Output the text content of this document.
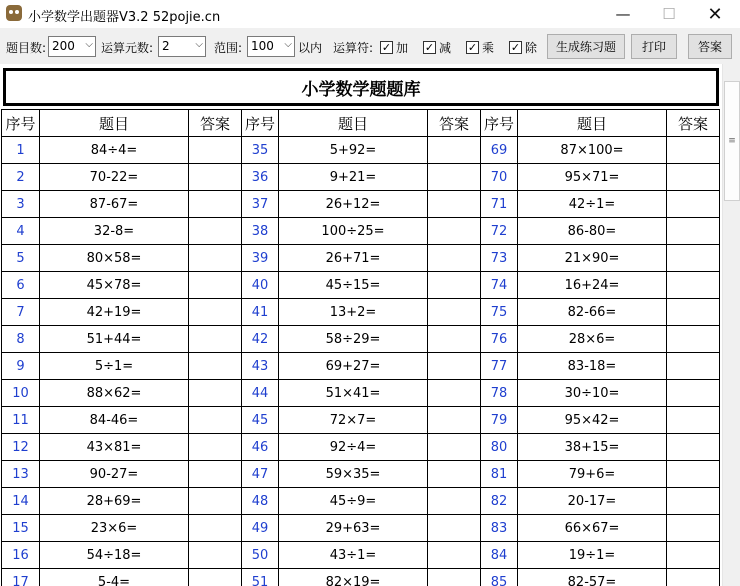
小学数学出题器V3.2 52pojie.cn	—	☐	✕
题目数: 200 ⌵ 运算元数: 2	⌵ 范围: 100 ⌵ 以内 运算符: ✓ 加 ✓ 减 ✓ 乘 ✓ 除	生成练习题	打印	答案
小学数学题题库
序号	题目	答案	序号	题目	答案	序号	题目	答案
1	84÷4=		35	5+92=		69	87×100=	
2	70-22=		36	9+21=		70	95×71=	
3	87-67=		37	26+12=		71	42÷1=	
4	32-8=		38	100÷25=		72	86-80=	
5	80×58=		39	26+71=		73	21×90=	
6	45×78=		40	45÷15=		74	16+24=	
7	42+19=		41	13+2=		75	82-66=	
8	51+44=		42	58÷29=		76	28×6=	
9	5÷1=		43	69+27=		77	83-18=	
10	88×62=		44	51×41=		78	30÷10=	
11	84-46=		45	72×7=		79	95×42=	
12	43×81=		46	92÷4=		80	38+15=	
13	90-27=		47	59×35=		81	79+6=	
14	28+69=		48	45÷9=		82	20-17=	
15	23×6=		49	29+63=		83	66×67=	
16	54÷18=		50	43÷1=		84	19÷1=	
17	5-4=		51	82×19=		85	82-57=	
≡
